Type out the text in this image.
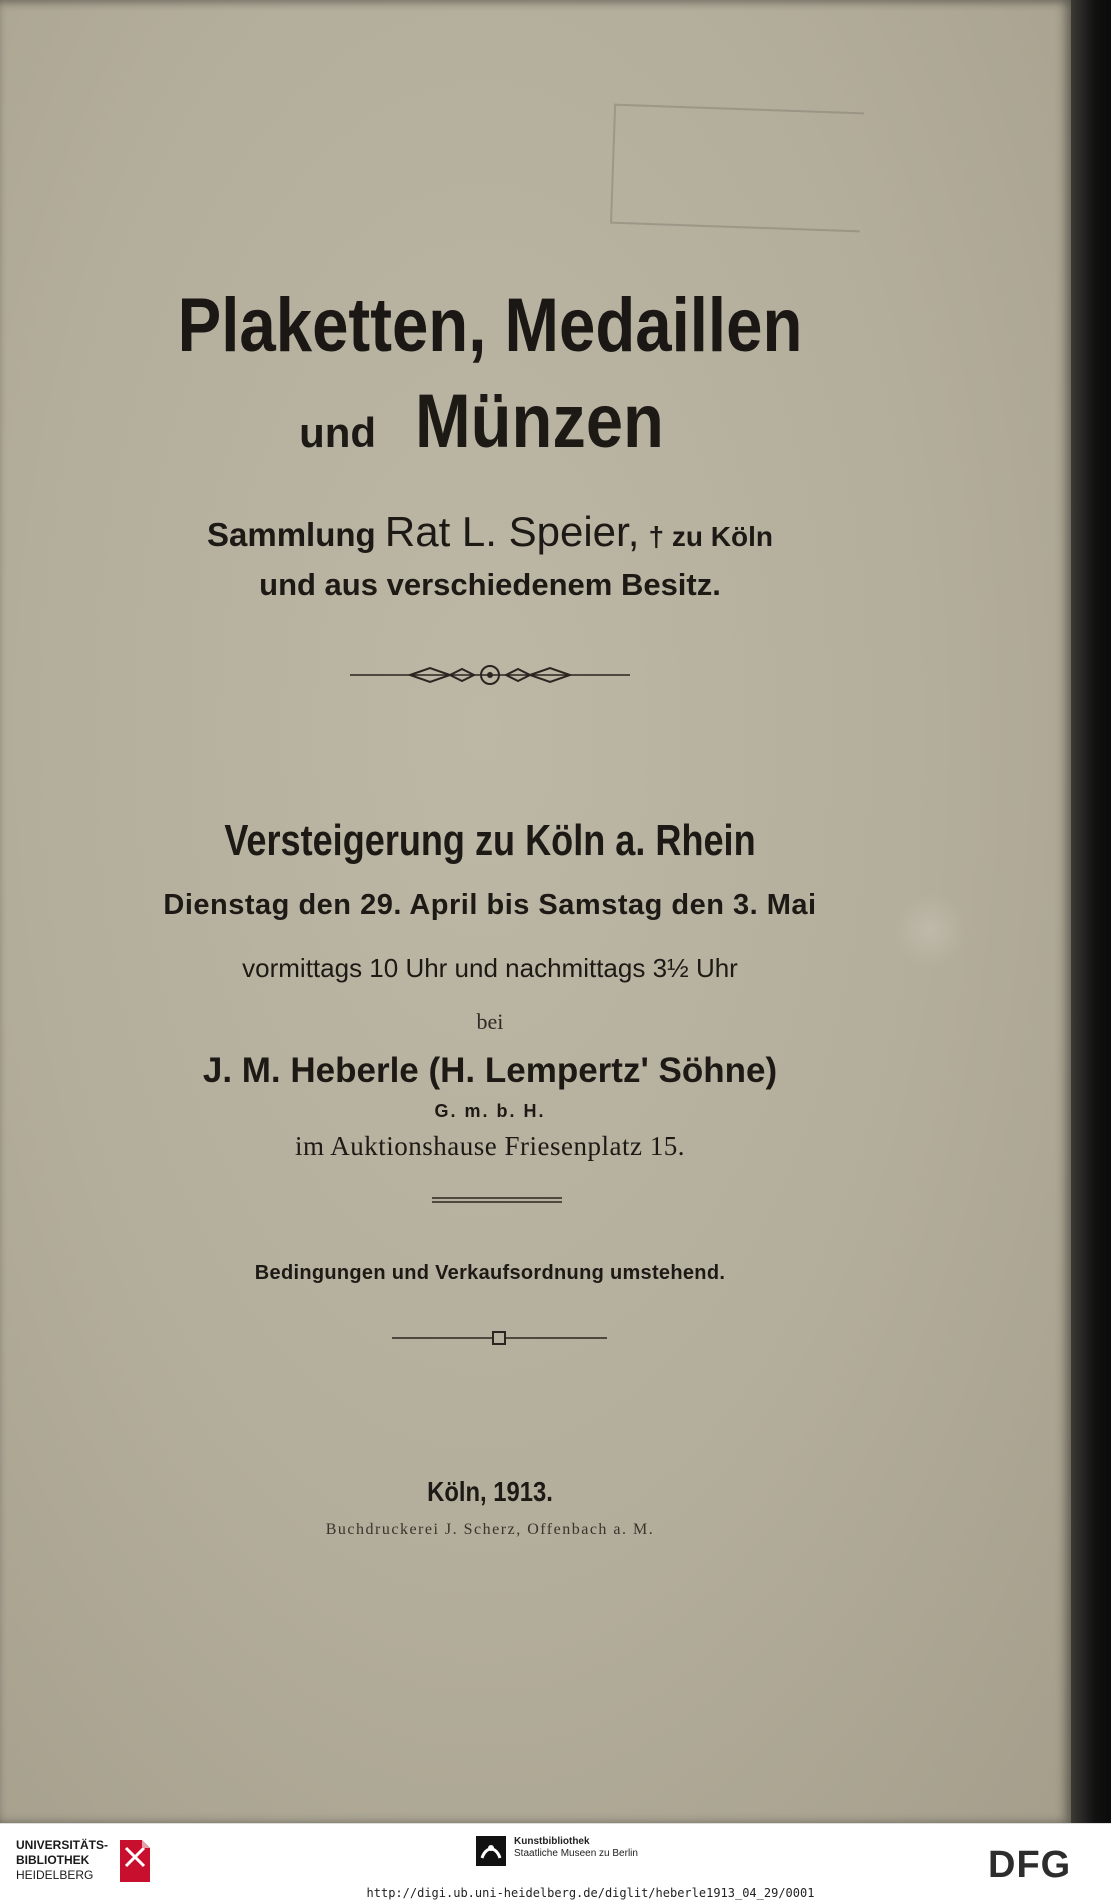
Plaketten, Medaillen
und Münzen
Sammlung Rat L. Speier, † zu Köln
und aus verschiedenem Besitz.
Versteigerung zu Köln a. Rhein
Dienstag den 29. April bis Samstag den 3. Mai
vormittags 10 Uhr und nachmittags 3½ Uhr
bei
J. M. Heberle (H. Lempertz' Söhne)
G. m. b. H.
im Auktionshause Friesenplatz 15.
Bedingungen und Verkaufsordnung umstehend.
Köln, 1913.
Buchdruckerei J. Scherz, Offenbach a. M.
UNIVERSITÄTS-
BIBLIOTHEK
HEIDELBERG
Kunstbibliothek
Staatliche Museen zu Berlin	DFG
http://digi.ub.uni-heidelberg.de/diglit/heberle1913_04_29/0001
